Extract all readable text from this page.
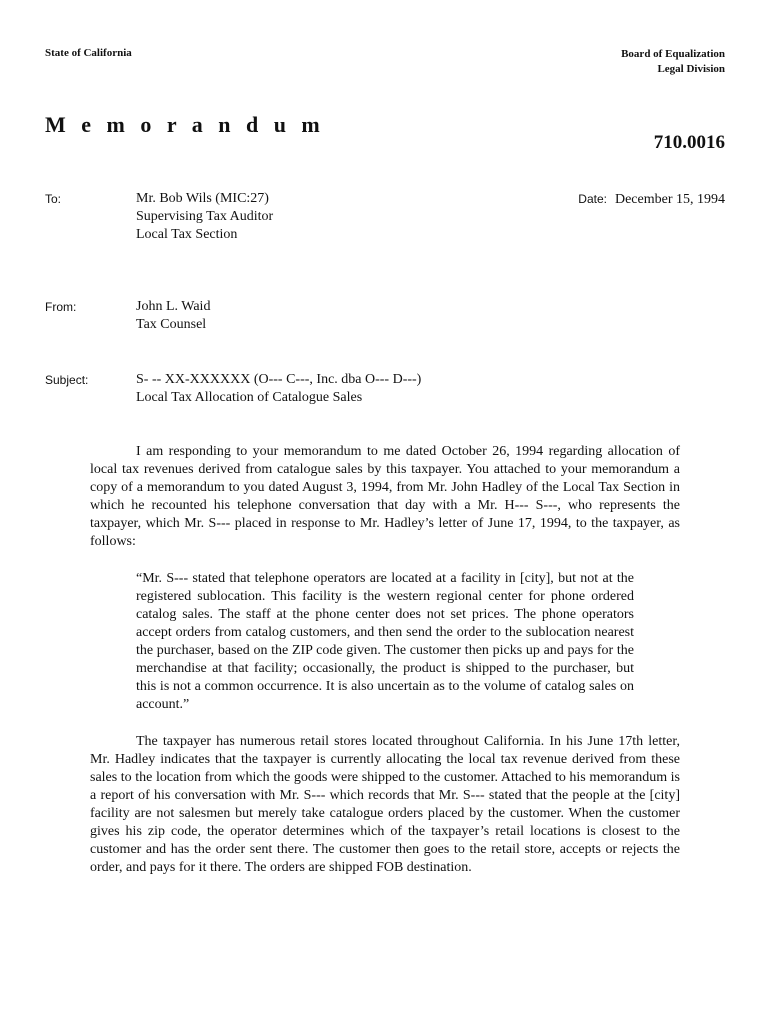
State of California	Board of Equalization
Legal Division
M e m o r a n d u m
710.0016
To:	Mr. Bob Wils (MIC:27)
Supervising Tax Auditor
Local Tax Section
Date: December 15, 1994
From:	John L. Waid
Tax Counsel
Subject:	S- -- XX-XXXXXX (O--- C---, Inc. dba O--- D---)
Local Tax Allocation of Catalogue Sales

I am responding to your memorandum to me dated October 26, 1994 regarding allocation of local tax revenues derived from catalogue sales by this taxpayer. You attached to your memorandum a copy of a memorandum to you dated August 3, 1994, from Mr. John Hadley of the Local Tax Section in which he recounted his telephone conversation that day with a Mr. H--- S---, who represents the taxpayer, which Mr. S--- placed in response to Mr. Hadley’s letter of June 17, 1994, to the taxpayer, as follows:

“Mr. S--- stated that telephone operators are located at a facility in [city], but not at the registered sublocation. This facility is the western regional center for phone ordered catalog sales. The staff at the phone center does not set prices. The phone operators accept orders from catalog customers, and then send the order to the sublocation nearest the purchaser, based on the ZIP code given. The customer then picks up and pays for the merchandise at that facility; occasionally, the product is shipped to the purchaser, but this is not a common occurrence. It is also uncertain as to the volume of catalog sales on account.”

The taxpayer has numerous retail stores located throughout California. In his June 17th letter, Mr. Hadley indicates that the taxpayer is currently allocating the local tax revenue derived from these sales to the location from which the goods were shipped to the customer. Attached to his memorandum is a report of his conversation with Mr. S--- which records that Mr. S--- stated that the people at the [city] facility are not salesmen but merely take catalogue orders placed by the customer. When the customer gives his zip code, the operator determines which of the taxpayer’s retail locations is closest to the customer and has the order sent there. The customer then goes to the retail store, accepts or rejects the order, and pays for it there. The orders are shipped FOB destination.
